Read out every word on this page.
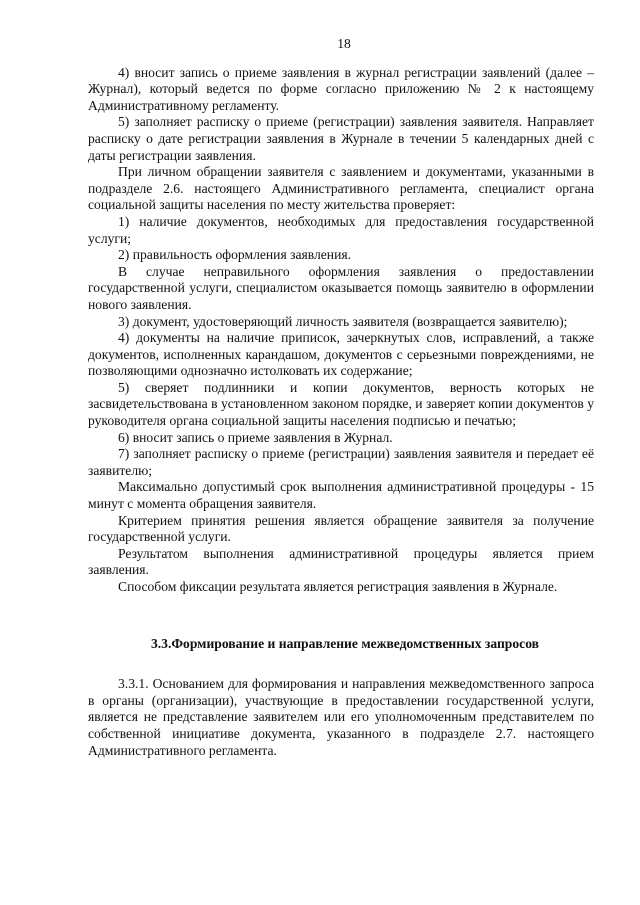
18

4) вносит запись о приеме заявления в журнал регистрации заявлений (далее – Журнал), который ведется по форме согласно приложению № 2 к настоящему Административному регламенту.

5) заполняет расписку о приеме (регистрации) заявления заявителя. Направляет расписку о дате регистрации заявления в Журнале в течении 5 календарных дней с даты регистрации заявления.

При личном обращении заявителя с заявлением и документами, указанными в подразделе 2.6. настоящего Административного регламента, специалист органа социальной защиты населения по месту жительства проверяет:

1) наличие документов, необходимых для предоставления государственной услуги;

2) правильность оформления заявления.

В случае неправильного оформления заявления о предоставлении государственной услуги, специалистом оказывается помощь заявителю в оформлении нового заявления.

3) документ, удостоверяющий личность заявителя (возвращается заявителю);

4) документы на наличие приписок, зачеркнутых слов, исправлений, а также документов, исполненных карандашом, документов с серьезными повреждениями, не позволяющими однозначно истолковать их содержание;

5) сверяет подлинники и копии документов, верность которых не засвидетельствована в установленном законом порядке, и заверяет копии документов у руководителя органа социальной защиты населения подписью и печатью;

6) вносит запись о приеме заявления в Журнал.

7) заполняет расписку о приеме (регистрации) заявления заявителя и передает её заявителю;

Максимально допустимый срок выполнения административной процедуры - 15 минут с момента обращения заявителя.

Критерием принятия решения является обращение заявителя за получение государственной услуги.

Результатом выполнения административной процедуры является прием заявления.

Способом фиксации результата является регистрация заявления в Журнале.

3.3.Формирование и направление межведомственных запросов

3.3.1. Основанием для формирования и направления межведомственного запроса в органы (организации), участвующие в предоставлении государственной услуги, является не представление заявителем или его уполномоченным представителем по собственной инициативе документа, указанного в подразделе 2.7. настоящего Административного регламента.
